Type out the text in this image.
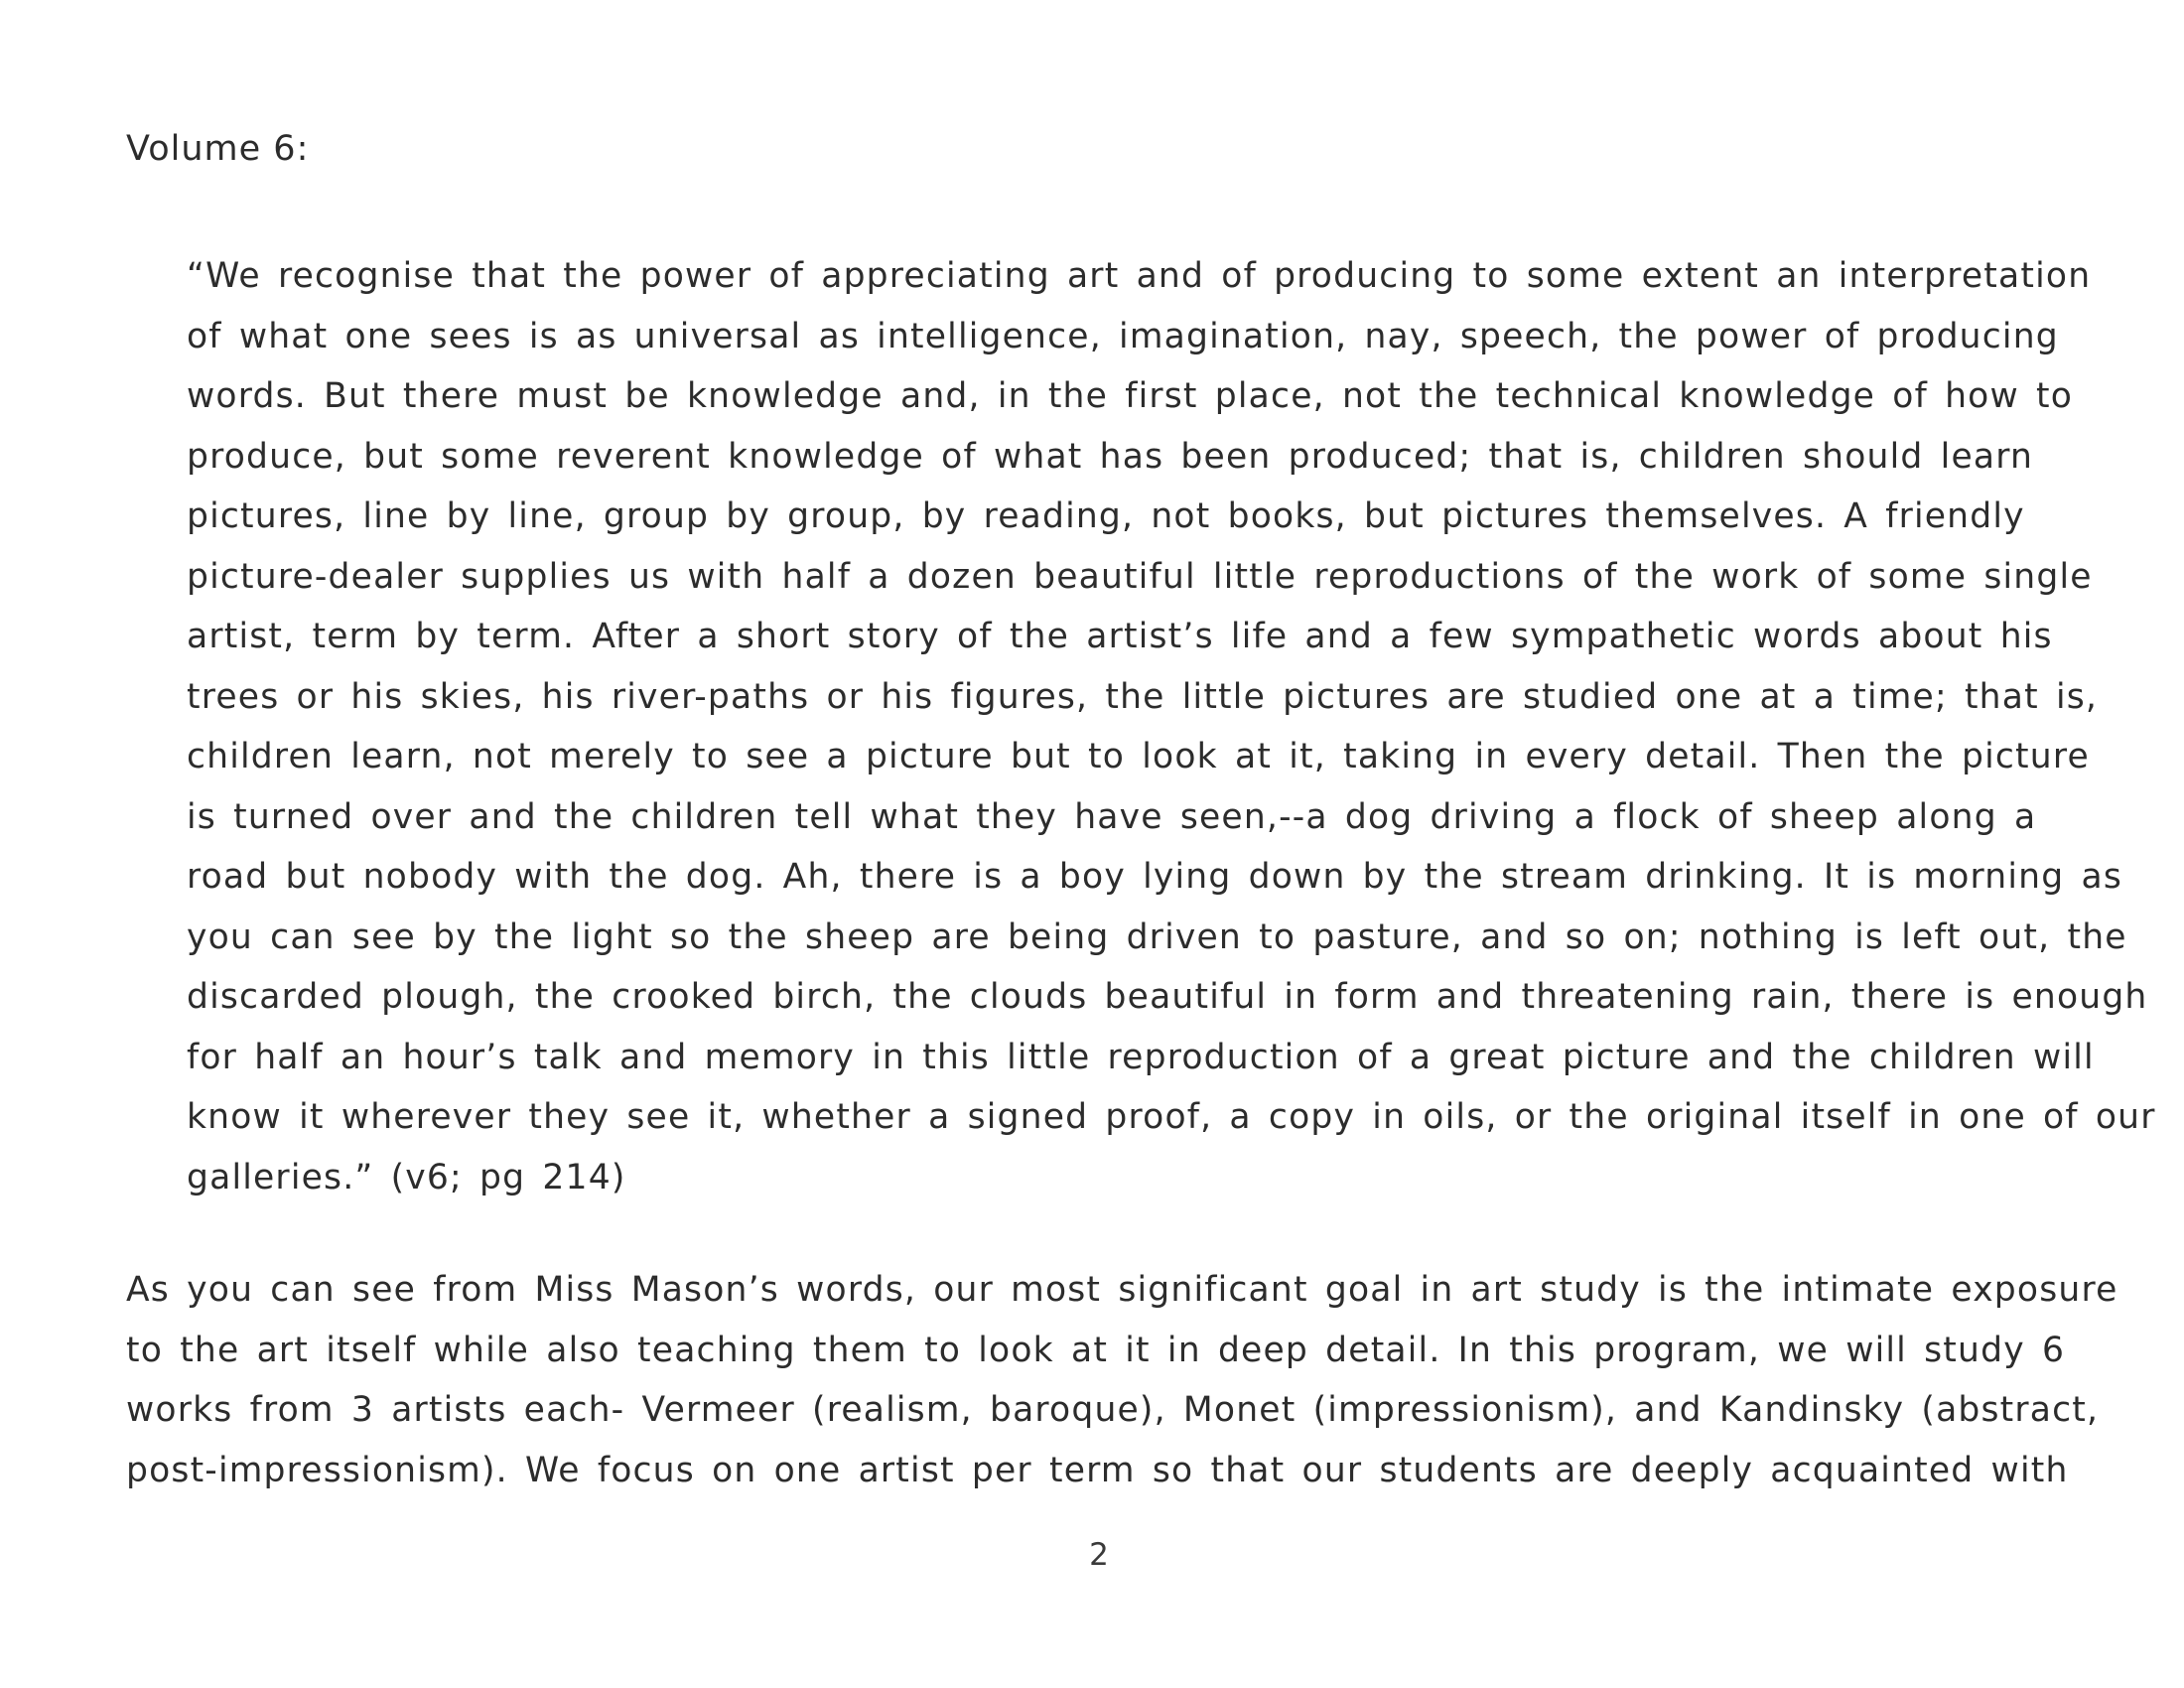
Volume 6:
“We recognise that the power of appreciating art and of producing to some extent an interpretation
of what one sees is as universal as intelligence, imagination, nay, speech, the power of producing
words. But there must be knowledge and, in the first place, not the technical knowledge of how to
produce, but some reverent knowledge of what has been produced; that is, children should learn
pictures, line by line, group by group, by reading, not books, but pictures themselves. A friendly
picture-dealer supplies us with half a dozen beautiful little reproductions of the work of some single
artist, term by term. After a short story of the artist’s life and a few sympathetic words about his
trees or his skies, his river-paths or his figures, the little pictures are studied one at a time; that is,
children learn, not merely to see a picture but to look at it, taking in every detail. Then the picture
is turned over and the children tell what they have seen,--a dog driving a flock of sheep along a
road but nobody with the dog. Ah, there is a boy lying down by the stream drinking. It is morning as
you can see by the light so the sheep are being driven to pasture, and so on; nothing is left out, the
discarded plough, the crooked birch, the clouds beautiful in form and threatening rain, there is enough
for half an hour’s talk and memory in this little reproduction of a great picture and the children will
know it wherever they see it, whether a signed proof, a copy in oils, or the original itself in one of our
galleries.” (v6; pg 214)
As you can see from Miss Mason’s words, our most significant goal in art study is the intimate exposure
to the art itself while also teaching them to look at it in deep detail. In this program, we will study 6
works from 3 artists each- Vermeer (realism, baroque), Monet (impressionism), and Kandinsky (abstract,
post-impressionism). We focus on one artist per term so that our students are deeply acquainted with
2
